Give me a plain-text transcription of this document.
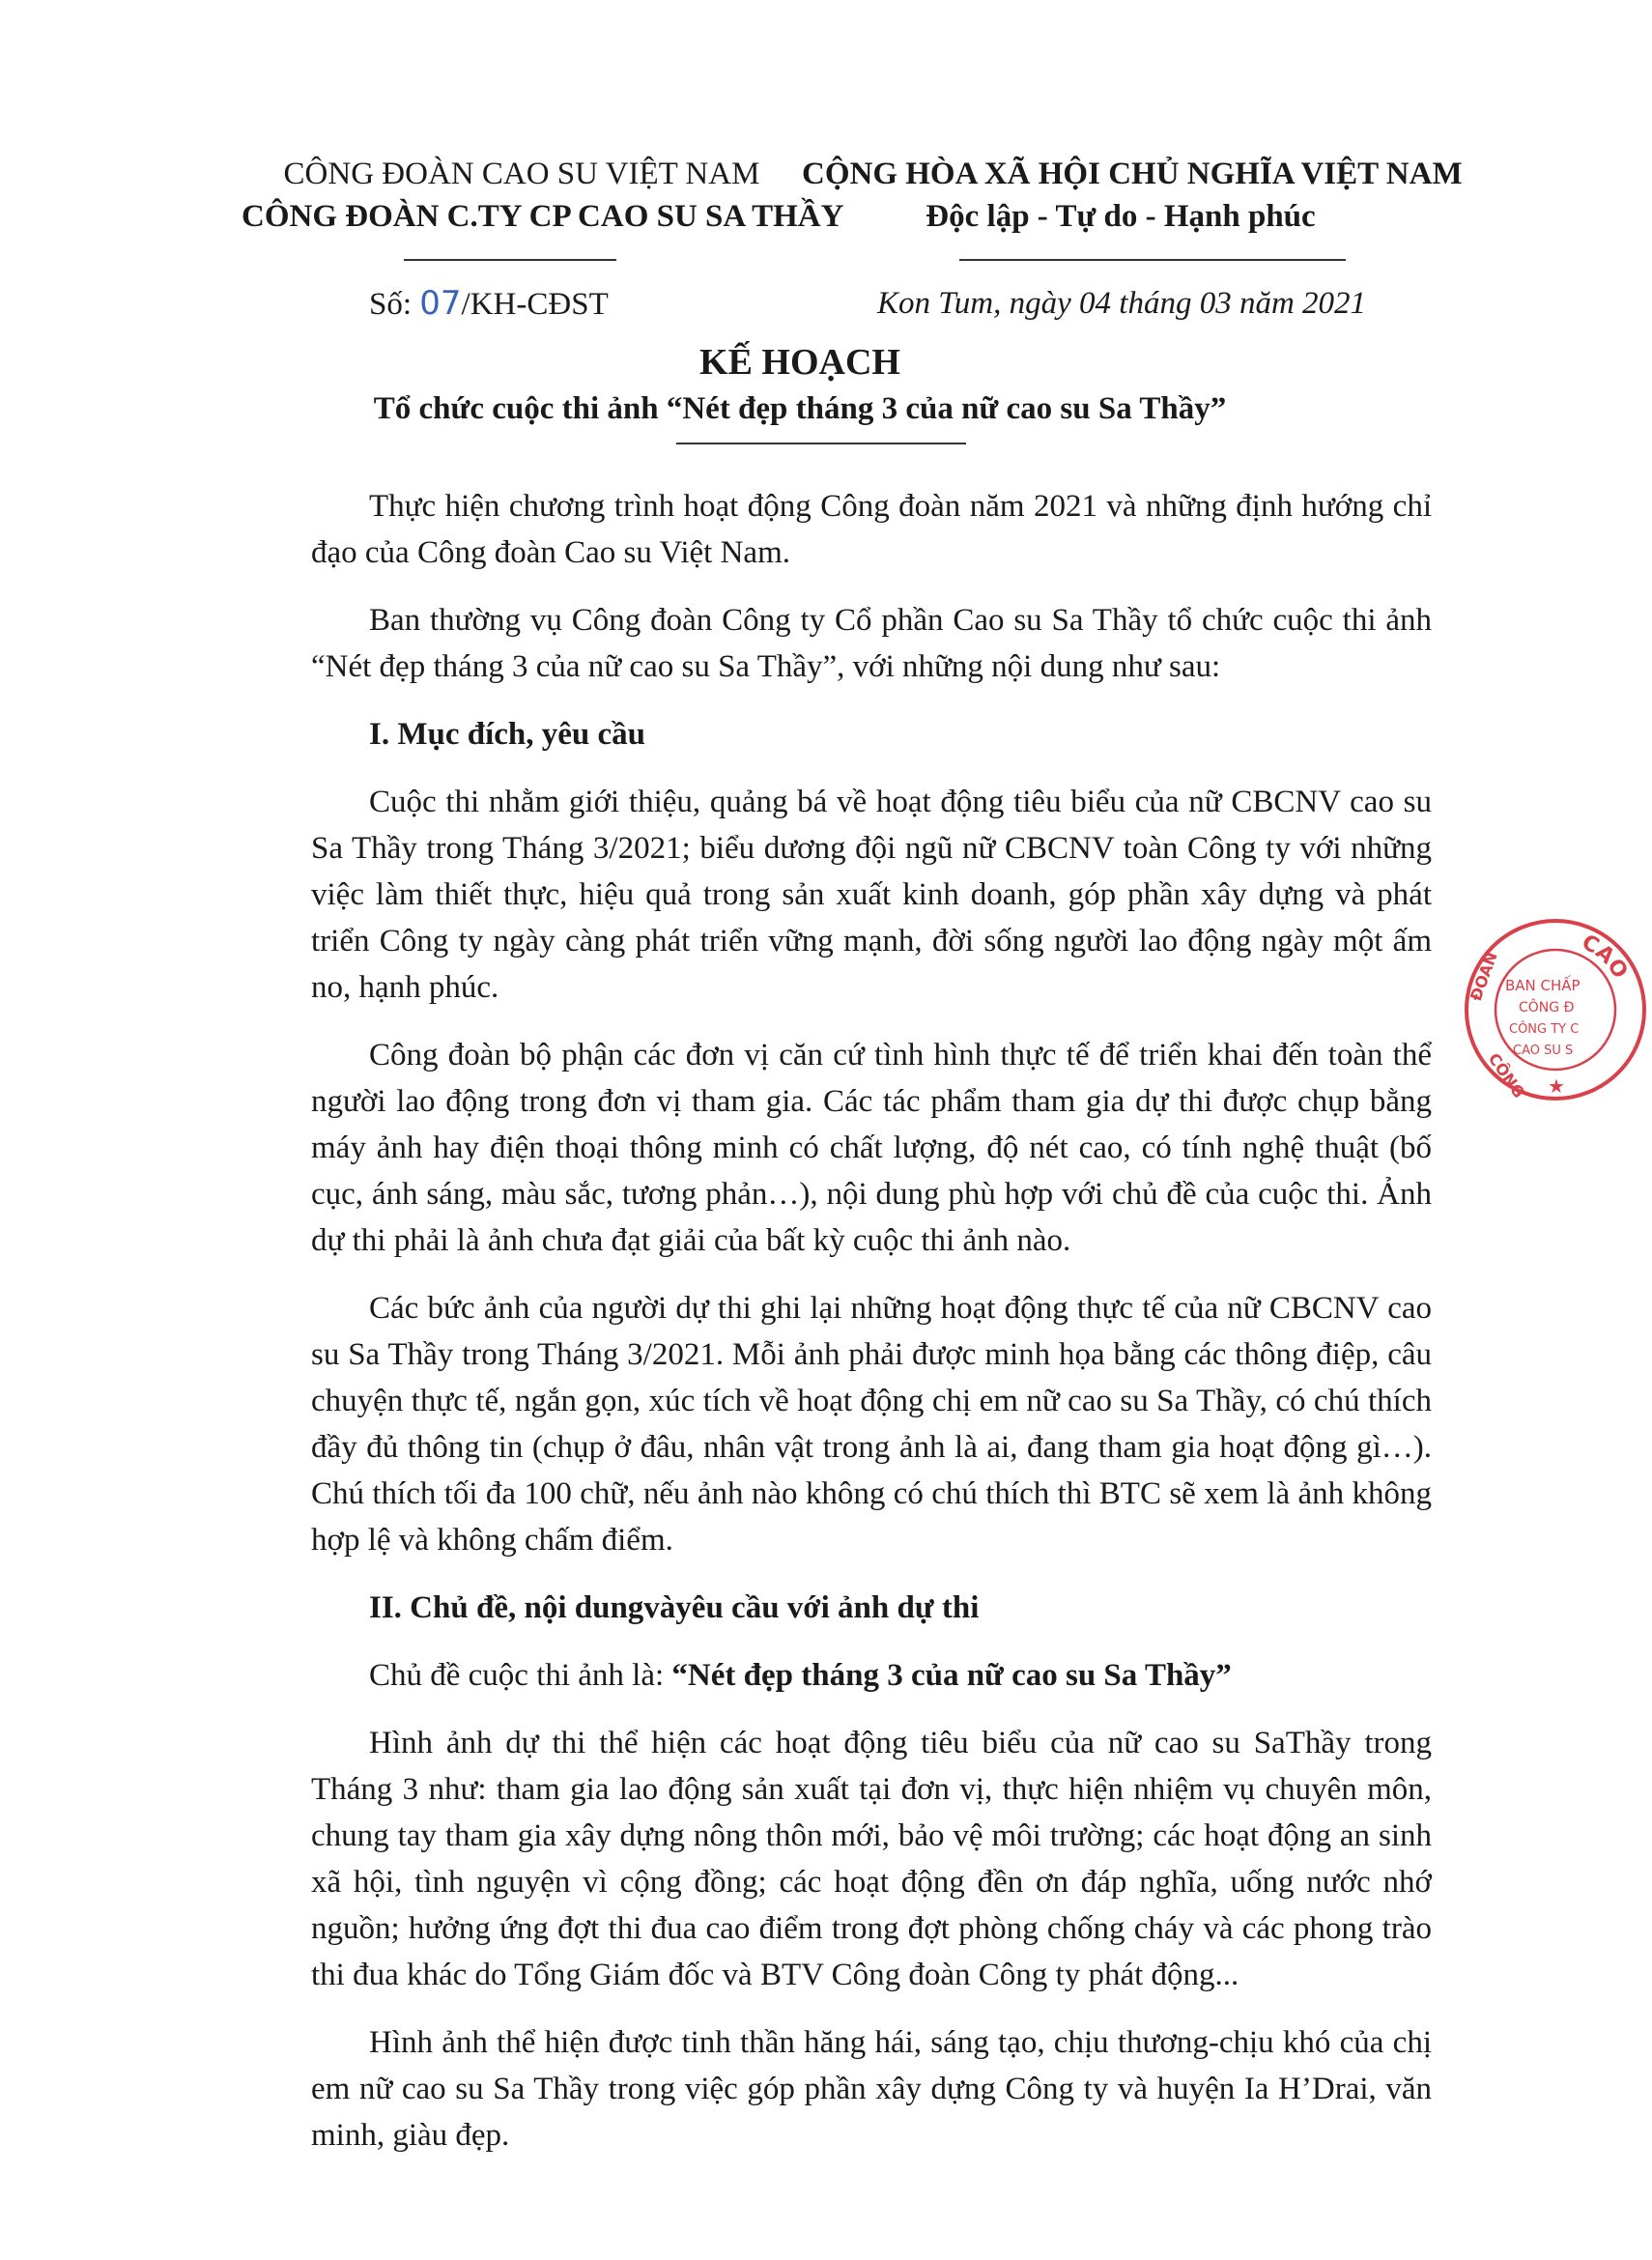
CÔNG ĐOÀN CAO SU VIỆT NAM
CÔNG ĐOÀN C.TY CP CAO SU SA THẦY
CỘNG HÒA XÃ HỘI CHỦ NGHĨA VIỆT NAM
Độc lập - Tự do - Hạnh phúc
Số: 07/KH-CĐST	Kon Tum, ngày 04 tháng 03 năm 2021
KẾ HOẠCH
Tổ chức cuộc thi ảnh “Nét đẹp tháng 3 của nữ cao su Sa Thầy”

Thực hiện chương trình hoạt động Công đoàn năm 2021 và những định hướng chỉ đạo của Công đoàn Cao su Việt Nam.

Ban thường vụ Công đoàn Công ty Cổ phần Cao su Sa Thầy tổ chức cuộc thi ảnh “Nét đẹp tháng 3 của nữ cao su Sa Thầy”, với những nội dung như sau:

I. Mục đích, yêu cầu

Cuộc thi nhằm giới thiệu, quảng bá về hoạt động tiêu biểu của nữ CBCNV cao su Sa Thầy trong Tháng 3/2021; biểu dương đội ngũ nữ CBCNV toàn Công ty với những việc làm thiết thực, hiệu quả trong sản xuất kinh doanh, góp phần xây dựng và phát triển Công ty ngày càng phát triển vững mạnh, đời sống người lao động ngày một ấm no, hạnh phúc.

Công đoàn bộ phận các đơn vị căn cứ tình hình thực tế để triển khai đến toàn thể người lao động trong đơn vị tham gia. Các tác phẩm tham gia dự thi được chụp bằng máy ảnh hay điện thoại thông minh có chất lượng, độ nét cao, có tính nghệ thuật (bố cục, ánh sáng, màu sắc, tương phản…), nội dung phù hợp với chủ đề của cuộc thi. Ảnh dự thi phải là ảnh chưa đạt giải của bất kỳ cuộc thi ảnh nào.

Các bức ảnh của người dự thi ghi lại những hoạt động thực tế của nữ CBCNV cao su Sa Thầy trong Tháng 3/2021. Mỗi ảnh phải được minh họa bằng các thông điệp, câu chuyện thực tế, ngắn gọn, xúc tích về hoạt động chị em nữ cao su Sa Thầy, có chú thích đầy đủ thông tin (chụp ở đâu, nhân vật trong ảnh là ai, đang tham gia hoạt động gì…). Chú thích tối đa 100 chữ, nếu ảnh nào không có chú thích thì BTC sẽ xem là ảnh không hợp lệ và không chấm điểm.

II. Chủ đề, nội dungvàyêu cầu với ảnh dự thi

Chủ đề cuộc thi ảnh là: “Nét đẹp tháng 3 của nữ cao su Sa Thầy”

Hình ảnh dự thi thể hiện các hoạt động tiêu biểu của nữ cao su SaThầy trong Tháng 3 như: tham gia lao động sản xuất tại đơn vị, thực hiện nhiệm vụ chuyên môn, chung tay tham gia xây dựng nông thôn mới, bảo vệ môi trường; các hoạt động an sinh xã hội, tình nguyện vì cộng đồng; các hoạt động đền ơn đáp nghĩa, uống nước nhớ nguồn; hưởng ứng đợt thi đua cao điểm trong đợt phòng chống cháy và các phong trào thi đua khác do Tổng Giám đốc và BTV Công đoàn Công ty phát động...

Hình ảnh thể hiện được tinh thần hăng hái, sáng tạo, chịu thương-chịu khó của chị em nữ cao su Sa Thầy trong việc góp phần xây dựng Công ty và huyện Ia H’Drai, văn minh, giàu đẹp.

CAO
ĐOÀN
CÔNG
BAN CHẤP
CÔNG Đ
CÔNG TY C
CAO SU S
★
